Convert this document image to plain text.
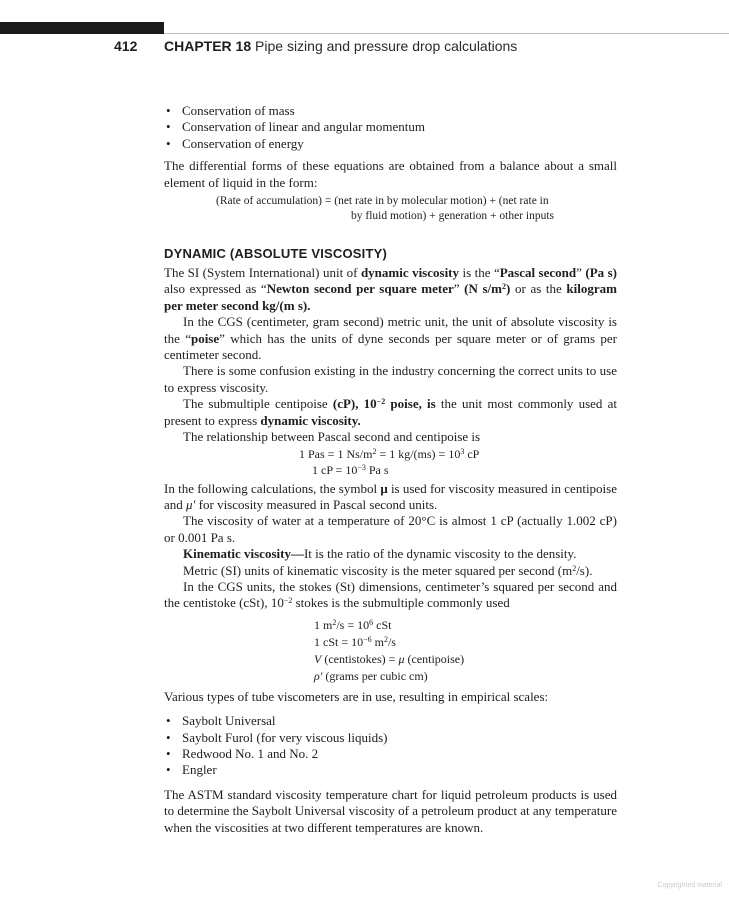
412 CHAPTER 18 Pipe sizing and pressure drop calculations
• Conservation of mass
• Conservation of linear and angular momentum
• Conservation of energy

The differential forms of these equations are obtained from a balance about a small element of liquid in the form:

(Rate of accumulation) = (net rate in by molecular motion) + (net rate in
by fluid motion) + generation + other inputs
DYNAMIC (ABSOLUTE VISCOSITY)

The SI (System International) unit of dynamic viscosity is the “Pascal second” (Pa s) also expressed as “Newton second per square meter” (N $s/m^2$) or as the kilogram per meter second kg/(m s).

In the CGS (centimeter, gram second) metric unit, the unit of absolute viscosity is the “poise” which has the units of dyne seconds per square meter or of grams per centimeter second.

There is some confusion existing in the industry concerning the correct units to use to express viscosity.

The submultiple centipoise (cP), $10^{-2}$ poise, is the unit most commonly used at present to express dynamic viscosity.

The relationship between Pascal second and centipoise is

1 Pas = 1 $Ns/m^2 = 1$ $kg/(ms) = 10^3$ cP
1 cP = $10^{-3}$ Pa s

In the following calculations, the symbol μ is used for viscosity measured in centipoise and μ′ for viscosity measured in Pascal second units.

The viscosity of water at a temperature of 20°C is almost 1 cP (actually 1.002 cP) or 0.001 Pa s.

Kinematic viscosity—It is the ratio of the dynamic viscosity to the density.

Metric (SI) units of kinematic viscosity is the meter squared per second $(m^2/s)$.

In the CGS units, the stokes (St) dimensions, centimeter’s squared per second and the centistoke (cSt), $10^{-2}$ stokes is the submultiple commonly used

1 $m^2/s = 10^6$ cSt
1 cSt = $10^{-6}$ $m^2/s$
V (centistokes) = μ (centipoise)
ρ′ (grams per cubic cm)

Various types of tube viscometers are in use, resulting in empirical scales:

• Saybolt Universal
• Saybolt Furol (for very viscous liquids)
• Redwood No. 1 and No. 2
• Engler

The ASTM standard viscosity temperature chart for liquid petroleum products is used to determine the Saybolt Universal viscosity of a petroleum product at any temperature when the viscosities at two different temperatures are known.

Copyrighted material
